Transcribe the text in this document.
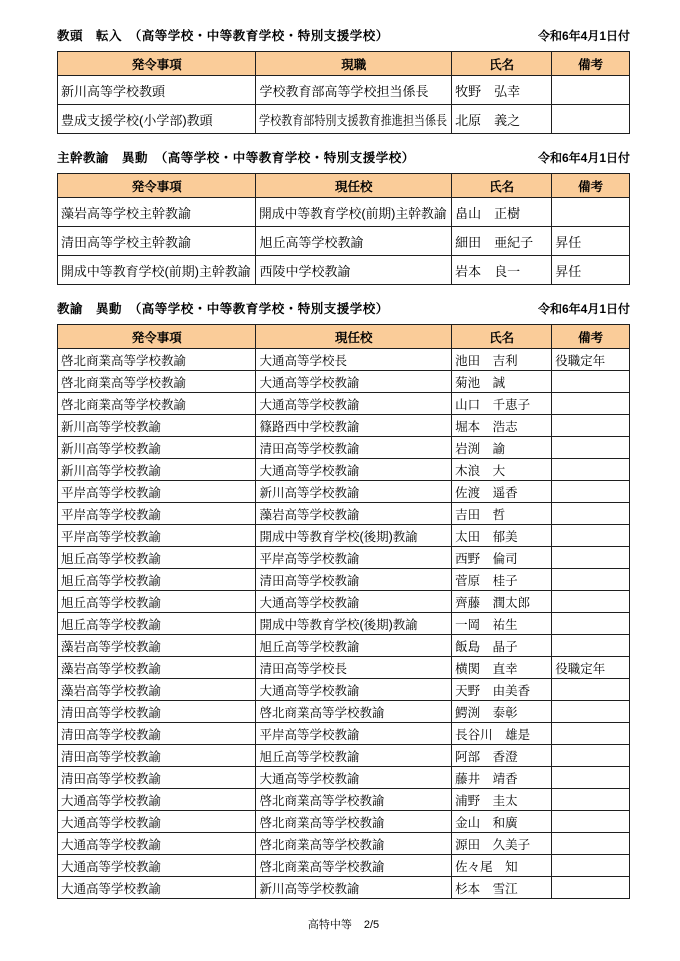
教頭　転入　（高等学校・中等教育学校・特別支援学校）	令和6年4月1日付
発令事項	現職	氏名	備考
新川高等学校教頭	学校教育部高等学校担当係長	牧野　弘幸	
豊成支援学校(小学部)教頭	学校教育部特別支援教育推進担当係長	北原　義之	
主幹教諭　異動　（高等学校・中等教育学校・特別支援学校）	令和6年4月1日付
発令事項	現任校	氏名	備考
藻岩高等学校主幹教諭	開成中等教育学校(前期)主幹教諭	畠山　正樹	
清田高等学校主幹教諭	旭丘高等学校教諭	細田　亜紀子	昇任
開成中等教育学校(前期)主幹教諭	西陵中学校教諭	岩本　良一	昇任
教諭　異動　（高等学校・中等教育学校・特別支援学校）	令和6年4月1日付
発令事項	現任校	氏名	備考
啓北商業高等学校教諭	大通高等学校長	池田　吉利	役職定年
啓北商業高等学校教諭	大通高等学校教諭	菊池　誠	
啓北商業高等学校教諭	大通高等学校教諭	山口　千恵子	
新川高等学校教諭	篠路西中学校教諭	堀本　浩志	
新川高等学校教諭	清田高等学校教諭	岩渕　諭	
新川高等学校教諭	大通高等学校教諭	木浪　大	
平岸高等学校教諭	新川高等学校教諭	佐渡　遥香	
平岸高等学校教諭	藻岩高等学校教諭	吉田　哲	
平岸高等学校教諭	開成中等教育学校(後期)教諭	太田　郁美	
旭丘高等学校教諭	平岸高等学校教諭	西野　倫司	
旭丘高等学校教諭	清田高等学校教諭	菅原　桂子	
旭丘高等学校教諭	大通高等学校教諭	齊藤　潤太郎	
旭丘高等学校教諭	開成中等教育学校(後期)教諭	一岡　祐生	
藻岩高等学校教諭	旭丘高等学校教諭	飯島　晶子	
藻岩高等学校教諭	清田高等学校長	横関　直幸	役職定年
藻岩高等学校教諭	大通高等学校教諭	天野　由美香	
清田高等学校教諭	啓北商業高等学校教諭	鰐渕　泰彰	
清田高等学校教諭	平岸高等学校教諭	長谷川　雄是	
清田高等学校教諭	旭丘高等学校教諭	阿部　香澄	
清田高等学校教諭	大通高等学校教諭	藤井　靖香	
大通高等学校教諭	啓北商業高等学校教諭	浦野　圭太	
大通高等学校教諭	啓北商業高等学校教諭	金山　和廣	
大通高等学校教諭	啓北商業高等学校教諭	源田　久美子	
大通高等学校教諭	啓北商業高等学校教諭	佐々尾　知	
大通高等学校教諭	新川高等学校教諭	杉本　雪江	
高特中等 2/5
